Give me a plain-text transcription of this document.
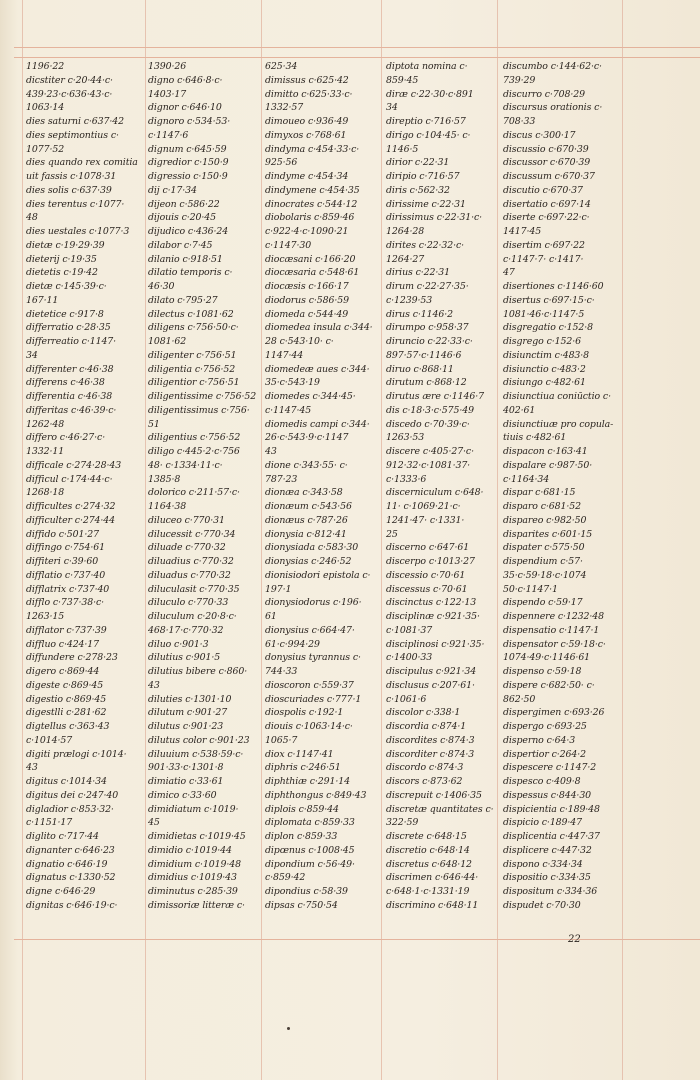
1196·22

dicstiter c·20·44·c·

439·23·c·636·43·c·

1063·14

dies saturni c·637·42

dies septimontius c·

1077·52

dies quando rex comitia

uit fassis c·1078·31

dies solis c·637·39

dies terentus c·1077·

48

dies uestales c·1077·3

dietæ c·19·29·39

dieterij c·19·35

dietetis c·19·42

dietæ c·145·39·c·

167·11

dietetice c·917·8

differratio c·28·35

differreatio c·1147·

34

differenter c·46·38

differens c·46·38

differentia c·46·38

differitas c·46·39·c·

1262·48

differo c·46·27·c·

1332·11

difficale c·274·28·43

difficul c·174·44·c·

1268·18

difficultes c·274·32

difficulter c·274·44

diffido c·501·27

diffingo c·754·61

diffiteri c·39·60

difflatio c·737·40

difflatrix c·737·40

difflo c·737·38·c·

1263·15

difflator c·737·39

diffluo c·424·17

diffundere c·278·23

digero c·869·44

digeste c·869·45

digestio c·869·45

digestlli c·281·62

digtellus c·363·43

c·1014·57

digiti prælogi c·1014·

43

digitus c·1014·34

digitus dei c·247·40

digladior c·853·32·

c·1151·17

diglito c·717·44

dignanter c·646·23

dignatio c·646·19

dignatus c·1330·52

digne c·646·29

dignitas c·646·19·c·

1390·26

digno c·646·8·c·

1403·17

dignor c·646·10

dignoro c·534·53·

c·1147·6

dignum c·645·59

digredior c·150·9

digressio c·150·9

dij c·17·34

dijeon c·586·22

dijouis c·20·45

dijudico c·436·24

dilabor c·7·45

dilanio c·918·51

dilatio temporis c·

46·30

dilato c·795·27

dilectus c·1081·62

diligens c·756·50·c·

1081·62

diligenter c·756·51

diligentia c·756·52

diligentior c·756·51

diligentissime c·756·52

diligentissimus c·756·

51

diligentius c·756·52

diligo c·445·2·c·756

48· c·1334·11·c·

1385·8

dolorico c·211·57·c·

1164·38

diluceo c·770·31

dilucessit c·770·34

diluade c·770·32

diluadius c·770·32

diluadus c·770·32

diluculasit c·770·35

diluculo c·770·33

diluculum c·20·8·c·

468·17·c·770·32

diluo c·901·3

dilutius c·901·5

dilutius bibere c·860·

43

diluties c·1301·10

dilutum c·901·27

dilutus c·901·23

dilutus color c·901·23

diluuium c·538·59·c·

901·33·c·1301·8

dimiatio c·33·61

dimico c·33·60

dimidiatum c·1019·

45

dimidietas c·1019·45

dimidio c·1019·44

dimidium c·1019·48

dimidius c·1019·43

diminutus c·285·39

dimissoriæ litteræ c·

625·34

dimissus c·625·42

dimitto c·625·33·c·

1332·57

dimoueo c·936·49

dimyxos c·768·61

dindyma c·454·33·c·

925·56

dindyme c·454·34

dindymene c·454·35

dinocrates c·544·12

diobolaris c·859·46

c·922·4·c·1090·21

c·1147·30

diocæsani c·166·20

diocæsaria c·548·61

diocæsis c·166·17

diodorus c·586·59

diomeda c·544·49

diomedea insula c·344·

28 c·543·10· c·

1147·44

diomedeæ aues c·344·

35·c·543·19

diomedes c·344·45·

c·1147·45

diomedis campi c·344·

26·c·543·9·c·1147

43

dione c·343·55· c·

787·23

dionæa c·343·58

dionæum c·543·56

dionæus c·787·26

dionysia c·812·41

dionysiada c·583·30

dionysias c·246·52

dionisiodori epistola c·

197·1

dionysiodorus c·196·

61

dionysius c·664·47·

61·c·994·29

donysius tyrannus c·

744·33

dioscoron c·559·37

dioscuriades c·777·1

diospolis c·192·1

diouis c·1063·14·c·

1065·7

diox c·1147·41

diphris c·246·51

diphthiæ c·291·14

diphthongus c·849·43

diplois c·859·44

diplomata c·859·33

diplon c·859·33

dipœnus c·1008·45

dipondium c·56·49·

c·859·42

dipondius c·58·39

dipsas c·750·54

diptota nomina c·

859·45

diræ c·22·30·c·891

34

direptio c·716·57

dirigo c·104·45· c·

1146·5

dirior c·22·31

diripio c·716·57

diris c·562·32

dirissime c·22·31

dirissimus c·22·31·c·

1264·28

dirites c·22·32·c·

1264·27

dirius c·22·31

dirum c·22·27·35·

c·1239·53

dirus c·1146·2

dirumpo c·958·37

diruncio c·22·33·c·

897·57·c·1146·6

diruo c·868·11

dirutum c·868·12

dirutus ære c·1146·7

dis c·18·3·c·575·49

discedo c·70·39·c·

1263·53

discere c·405·27·c·

912·32·c·1081·37·

c·1333·6

discerniculum c·648·

11· c·1069·21·c·

1241·47· c·1331·

25

discerno c·647·61

discerpo c·1013·27

discessio c·70·61

discessus c·70·61

discinctus c·122·13

disciplinæ c·921·35·

c·1081·37

disciplinosi c·921·35·

c·1400·33

discipulus c·921·34

disclusus c·207·61·

c·1061·6

discolor c·338·1

discordia c·874·1

discordites c·874·3

discorditer c·874·3

discordo c·874·3

discors c·873·62

discrepuit c·1406·35

discretæ quantitates c·

322·59

discrete c·648·15

discretio c·648·14

discretus c·648·12

discrimen c·646·44·

c·648·1·c·1331·19

discrimino c·648·11

discumbo c·144·62·c·

739·29

discurro c·708·29

discursus orationis c·

708·33

discus c·300·17

discussio c·670·39

discussor c·670·39

discussum c·670·37

discutio c·670·37

disertatio c·697·14

diserte c·697·22·c·

1417·45

disertim c·697·22

c·1147·7· c·1417·

47

disertiones c·1146·60

disertus c·697·15·c·

1081·46·c·1147·5

disgregatio c·152·8

disgrego c·152·6

disiunctim c·483·8

disiunctio c·483·2

disiungo c·482·61

disiunctiua coniūctio c·

402·61

disiunctiuæ pro copula-

tiuis c·482·61

dispacon c·163·41

dispalare c·987·50·

c·1164·34

dispar c·681·15

disparo c·681·52

dispareo c·982·50

disparites c·601·15

dispater c·575·50

dispendium c·57·

35·c·59·18·c·1074

50·c·1147·1

dispendo c·59·17

dispennere c·1232·48

dispensatio c·1147·1

dispensator c·59·18·c·

1074·49·c·1146·61

dispenso c·59·18

dispere c·682·50· c·

862·50

dispergimen c·693·26

dispergo c·693·25

disperno c·64·3

dispertior c·264·2

dispescere c·1147·2

dispesco c·409·8

dispessus c·844·30

dispicientia c·189·48

dispicio c·189·47

displicentia c·447·37

displicere c·447·32

dispono c·334·34

dispositio c·334·35

dispositum c·334·36

dispudet c·70·30

22
